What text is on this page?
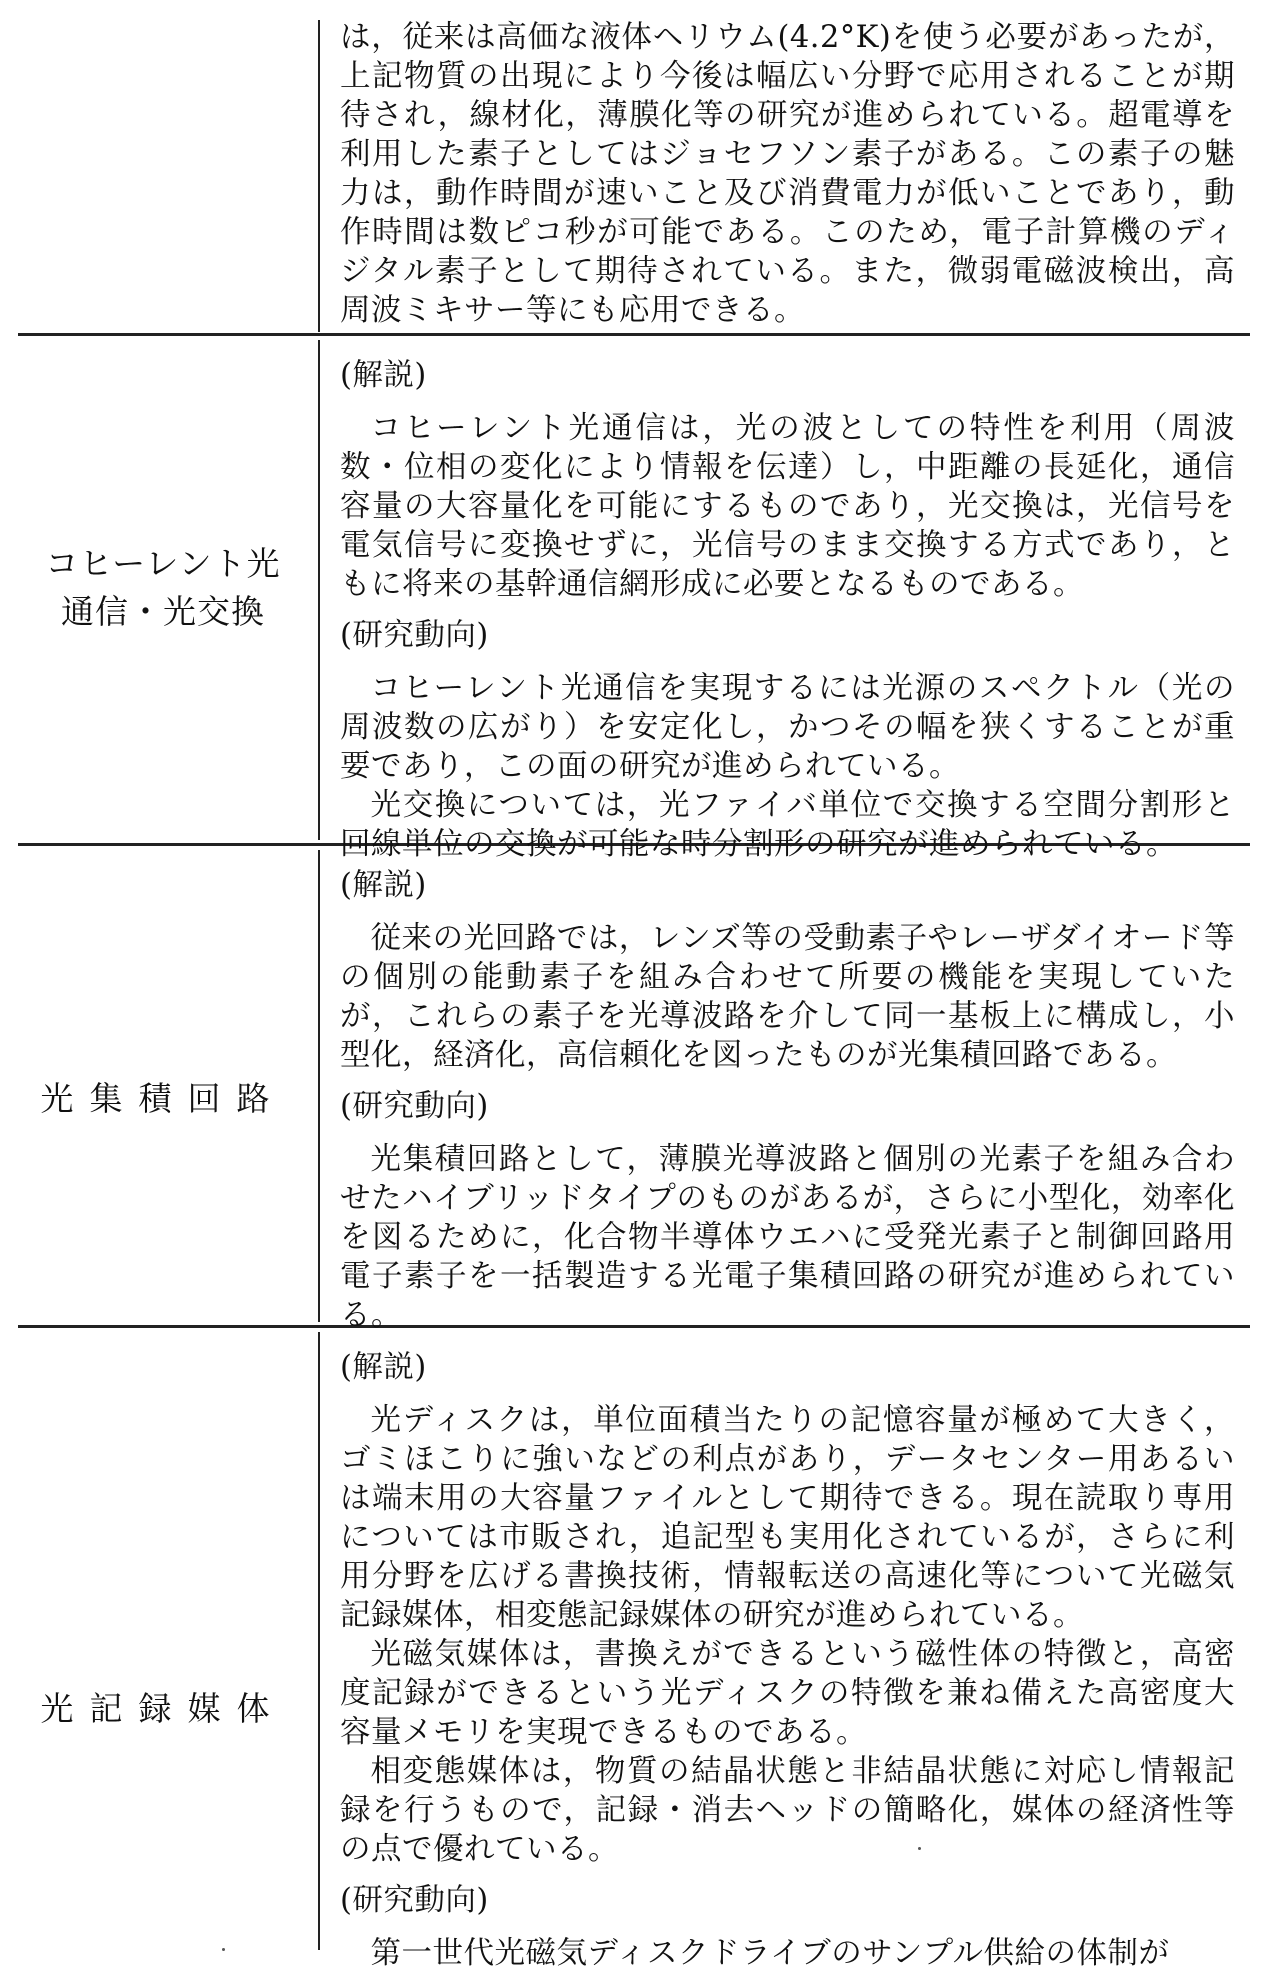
は，従来は高価な液体ヘリウム(4.2°K)を使う必要があったが，上記物質の出現により今後は幅広い分野で応用されることが期待され，線材化，薄膜化等の研究が進められている。超電導を利用した素子としてはジョセフソン素子がある。この素子の魅力は，動作時間が速いこと及び消費電力が低いことであり，動作時間は数ピコ秒が可能である。このため，電子計算機のディジタル素子として期待されている。また，微弱電磁波検出，高周波ミキサー等にも応用できる。

コヒーレント光
通信・光交換

(解説)

コヒーレント光通信は，光の波としての特性を利用（周波数・位相の変化により情報を伝達）し，中距離の長延化，通信容量の大容量化を可能にするものであり，光交換は，光信号を電気信号に変換せずに，光信号のまま交換する方式であり，ともに将来の基幹通信網形成に必要となるものである。

(研究動向)

コヒーレント光通信を実現するには光源のスペクトル（光の周波数の広がり）を安定化し，かつその幅を狭くすることが重要であり，この面の研究が進められている。

光交換については，光ファイバ単位で交換する空間分割形と回線単位の交換が可能な時分割形の研究が進められている。

光集積回路

(解説)

従来の光回路では，レンズ等の受動素子やレーザダイオード等の個別の能動素子を組み合わせて所要の機能を実現していたが，これらの素子を光導波路を介して同一基板上に構成し，小型化，経済化，高信頼化を図ったものが光集積回路である。

(研究動向)

光集積回路として，薄膜光導波路と個別の光素子を組み合わせたハイブリッドタイプのものがあるが，さらに小型化，効率化を図るために，化合物半導体ウエハに受発光素子と制御回路用電子素子を一括製造する光電子集積回路の研究が進められている。

光記録媒体

(解説)

光ディスクは，単位面積当たりの記憶容量が極めて大きく，ゴミほこりに強いなどの利点があり，データセンター用あるいは端末用の大容量ファイルとして期待できる。現在読取り専用については市販され，追記型も実用化されているが，さらに利用分野を広げる書換技術，情報転送の高速化等について光磁気記録媒体，相変態記録媒体の研究が進められている。

光磁気媒体は，書換えができるという磁性体の特徴と，高密度記録ができるという光ディスクの特徴を兼ね備えた高密度大容量メモリを実現できるものである。

相変態媒体は，物質の結晶状態と非結晶状態に対応し情報記録を行うもので，記録・消去ヘッドの簡略化，媒体の経済性等の点で優れている。

(研究動向)

第一世代光磁気ディスクドライブのサンプル供給の体制が
